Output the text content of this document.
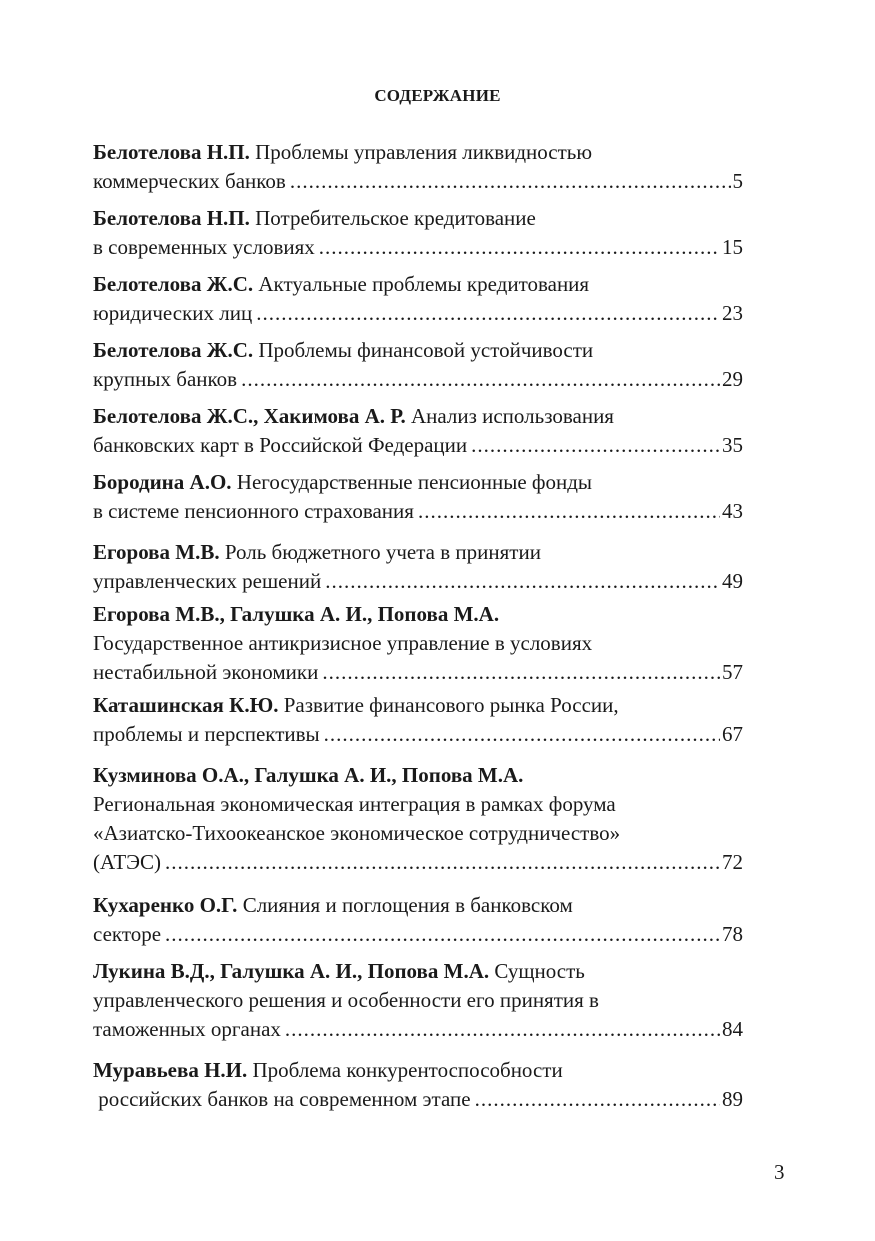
СОДЕРЖАНИЕ
Белотелова Н.П. Проблемы управления ликвидностью
коммерческих банков .....	5
Белотелова Н.П. Потребительское кредитование
в современных условиях .....	15
Белотелова Ж.С. Актуальные проблемы кредитования
юридических лиц .....	23
Белотелова Ж.С. Проблемы финансовой устойчивости
крупных банков .....	29
Белотелова Ж.С., Хакимова А. Р. Анализ использования
банковских карт в Российской Федерации .....	35
Бородина А.О. Негосударственные пенсионные фонды
в системе пенсионного страхования .....	43
Егорова М.В. Роль бюджетного учета в принятии
управленческих решений .....	49
Егорова М.В., Галушка А. И., Попова М.А.
Государственное антикризисное управление в условиях
нестабильной экономики .....	57
Каташинская К.Ю. Развитие финансового рынка России,
проблемы и перспективы .....	67
Кузминова О.А., Галушка А. И., Попова М.А.
Региональная экономическая интеграция в рамках форума
«Азиатско-Тихоокеанское экономическое сотрудничество»
(АТЭС) .....	72
Кухаренко О.Г. Слияния и поглощения в банковском
секторе .....	78
Лукина В.Д., Галушка А. И., Попова М.А. Сущность
управленческого решения и особенности его принятия в
таможенных органах .....	84
Муравьева Н.И. Проблема конкурентоспособности
российских банков на современном этапе .....	89
3
